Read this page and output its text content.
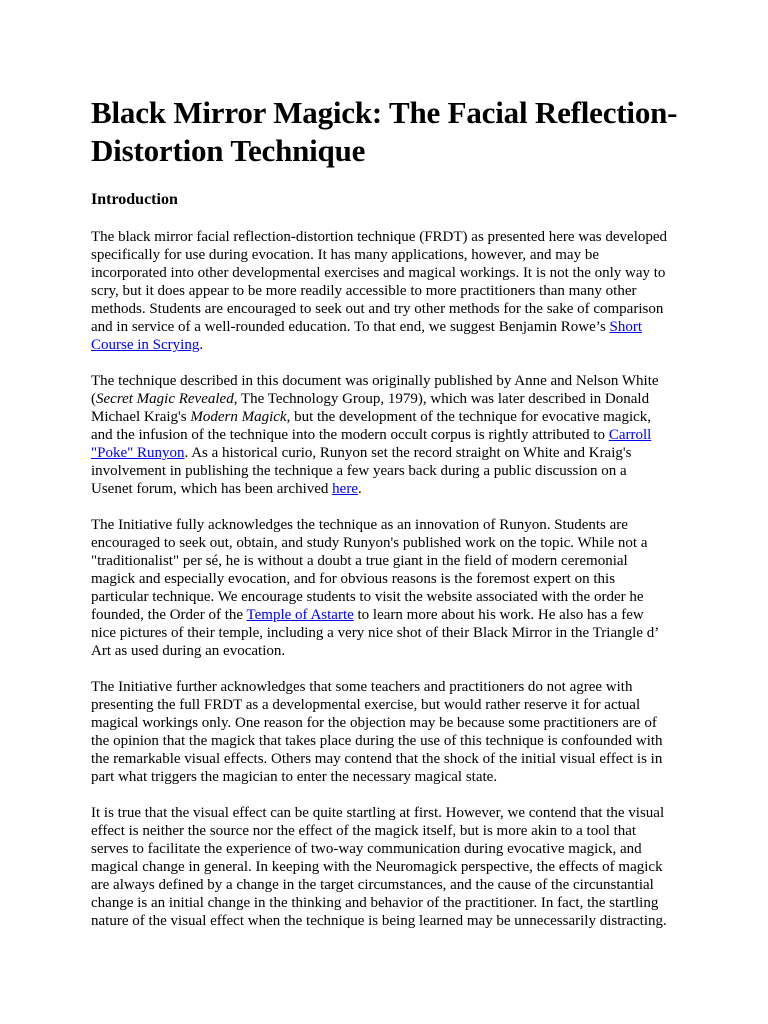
Black Mirror Magick: The Facial Reflection-Distortion Technique
Introduction

The black mirror facial reflection-distortion technique (FRDT) as presented here was developed specifically for use during evocation. It has many applications, however, and may be incorporated into other developmental exercises and magical workings. It is not the only way to scry, but it does appear to be more readily accessible to more practitioners than many other methods. Students are encouraged to seek out and try other methods for the sake of comparison and in service of a well-rounded education. To that end, we suggest Benjamin Rowe’s Short Course in Scrying.

The technique described in this document was originally published by Anne and Nelson White (Secret Magic Revealed, The Technology Group, 1979), which was later described in Donald Michael Kraig's Modern Magick, but the development of the technique for evocative magick, and the infusion of the technique into the modern occult corpus is rightly attributed to Carroll "Poke" Runyon. As a historical curio, Runyon set the record straight on White and Kraig's involvement in publishing the technique a few years back during a public discussion on a Usenet forum, which has been archived here.

The Initiative fully acknowledges the technique as an innovation of Runyon. Students are encouraged to seek out, obtain, and study Runyon's published work on the topic. While not a "traditionalist" per sé, he is without a doubt a true giant in the field of modern ceremonial magick and especially evocation, and for obvious reasons is the foremost expert on this particular technique. We encourage students to visit the website associated with the order he founded, the Order of the Temple of Astarte to learn more about his work. He also has a few nice pictures of their temple, including a very nice shot of their Black Mirror in the Triangle d’ Art as used during an evocation.

The Initiative further acknowledges that some teachers and practitioners do not agree with presenting the full FRDT as a developmental exercise, but would rather reserve it for actual magical workings only. One reason for the objection may be because some practitioners are of the opinion that the magick that takes place during the use of this technique is confounded with the remarkable visual effects. Others may contend that the shock of the initial visual effect is in part what triggers the magician to enter the necessary magical state.

It is true that the visual effect can be quite startling at first. However, we contend that the visual effect is neither the source nor the effect of the magick itself, but is more akin to a tool that serves to facilitate the experience of two-way communication during evocative magick, and magical change in general. In keeping with the Neuromagick perspective, the effects of magick are always defined by a change in the target circumstances, and the cause of the circunstantial change is an initial change in the thinking and behavior of the practitioner. In fact, the startling nature of the visual effect when the technique is being learned may be unnecessarily distracting.
